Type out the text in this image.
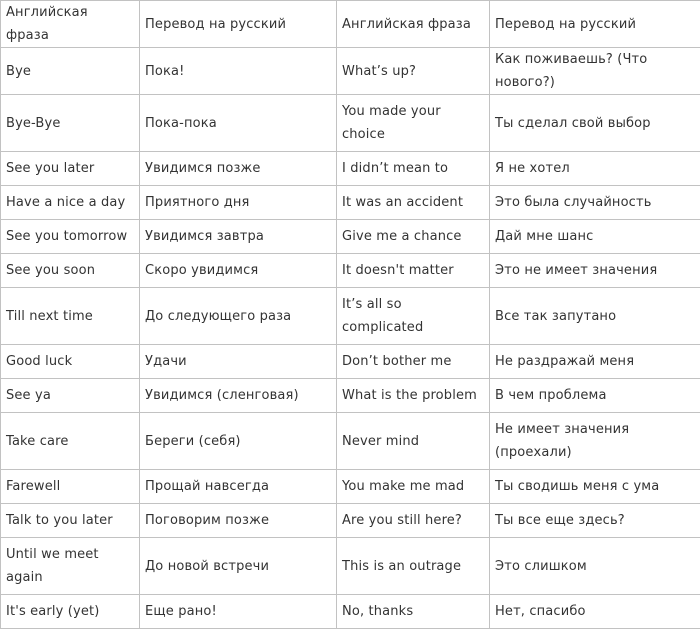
Английская фраза	Перевод на русский	Английская фраза	Перевод на русский
Bye	Пока!	What’s up?	Как поживаешь? (Что нового?)
Bye-Bye	Пока-пока	You made your choice	Ты сделал свой выбор
See you later	Увидимся позже	I didn’t mean to	Я не хотел
Have a nice a day	Приятного дня	It was an accident	Это была случайность
See you tomorrow	Увидимся завтра	Give me a chance	Дай мне шанс
See you soon	Скоро увидимся	It doesn't matter	Это не имеет значения
Till next time	До следующего раза	It’s all so complicated	Все так запутано
Good luck	Удачи	Don’t bother me	Не раздражай меня
See ya	Увидимся (сленговая)	What is the problem	В чем проблема
Take care	Береги (себя)	Never mind	Не имеет значения (проехали)
Farewell	Прощай навсегда	You make me mad	Ты сводишь меня с ума
Talk to you later	Поговорим позже	Are you still here?	Ты все еще здесь?
Until we meet again	До новой встречи	This is an outrage	Это слишком
It's early (yet)	Еще рано!	No, thanks	Нет, спасибо
